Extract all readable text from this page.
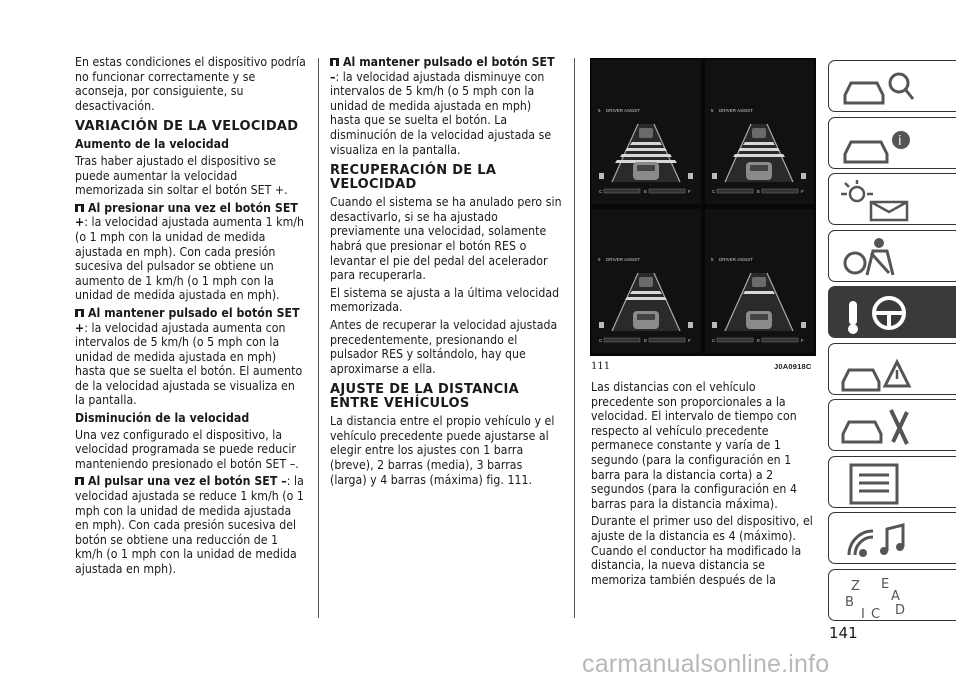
En estas condiciones el dispositivo podría no funcionar correctamente y se aconseja, por consiguiente, su desactivación.

VARIACIÓN DE LA VELOCIDAD
Aumento de la velocidad

Tras haber ajustado el dispositivo se puede aumentar la velocidad memorizada sin soltar el botón SET +.

Al presionar una vez el botón SET +: la velocidad ajustada aumenta 1 km/h (o 1 mph con la unidad de medida ajustada en mph). Con cada presión sucesiva del pulsador se obtiene un aumento de 1 km/h (o 1 mph con la unidad de medida ajustada en mph).

Al mantener pulsado el botón SET +: la velocidad ajustada aumenta con intervalos de 5 km/h (o 5 mph con la unidad de medida ajustada en mph) hasta que se suelta el botón. El aumento de la velocidad ajustada se visualiza en la pantalla.

Disminución de la velocidad

Una vez configurado el dispositivo, la velocidad programada se puede reducir manteniendo presionado el botón SET –.

Al pulsar una vez el botón SET –: la velocidad ajustada se reduce 1 km/h (o 1 mph con la unidad de medida ajustada en mph). Con cada presión sucesiva del botón se obtiene una reducción de 1 km/h (o 1 mph con la unidad de medida ajustada en mph).

Al mantener pulsado el botón SET –: la velocidad ajustada disminuye con intervalos de 5 km/h (o 5 mph con la unidad de medida ajustada en mph) hasta que se suelta el botón. La disminución de la velocidad ajustada se visualiza en la pantalla.

RECUPERACIÓN DE LA VELOCIDAD

Cuando el sistema se ha anulado pero sin desactivarlo, si se ha ajustado previamente una velocidad, solamente habrá que presionar el botón RES o levantar el pie del pedal del acelerador para recuperarla.

El sistema se ajusta a la última velocidad memorizada.

Antes de recuperar la velocidad ajustada precedentemente, presionando el pulsador RES y soltándolo, hay que aproximarse a ella.

AJUSTE DE LA DISTANCIA ENTRE VEHÍCULOS

La distancia entre el propio vehículo y el vehículo precedente puede ajustarse al elegir entre los ajustes con 1 barra (breve), 2 barras (media), 3 barras (larga) y 4 barras (máxima) fig. 111.

5 DRIVER ASSIST
C	E	F
5 DRIVER ASSIST
C	E	F
5 DRIVER ASSIST
C	E	F
5 DRIVER ASSIST
C	E	F
111	J0A0918C

Las distancias con el vehículo precedente son proporcionales a la velocidad. El intervalo de tiempo con respecto al vehículo precedente permanece constante y varía de 1 segundo (para la configuración en 1 barra para la distancia corta) a 2 segundos (para la configuración en 4 barras para la distancia máxima).

Durante el primer uso del dispositivo, el ajuste de la distancia es 4 (máximo). Cuando el conductor ha modificado la distancia, la nueva distancia se memoriza también después de la

i
Z E
B
I C D
A
141
carmanualsonline.info
